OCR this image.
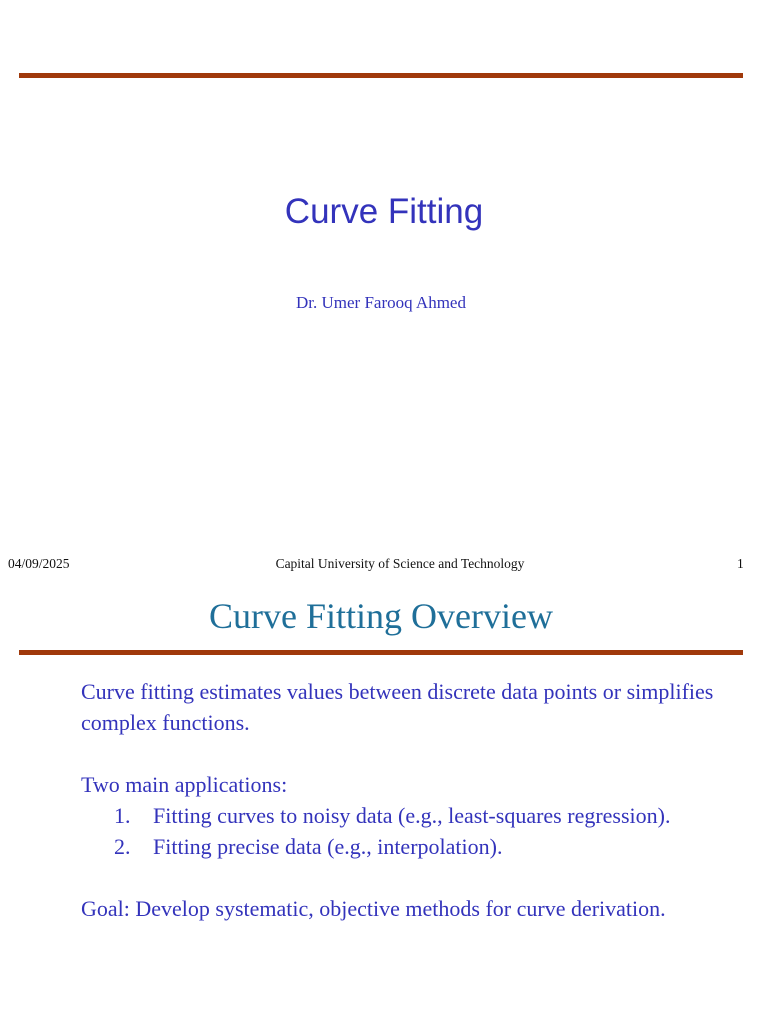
Curve Fitting
Dr. Umer Farooq Ahmed
04/09/2025	Capital University of Science and Technology	1
Curve Fitting Overview

Curve fitting estimates values between discrete data points or simplifies complex functions.

Two main applications:

1. Fitting curves to noisy data (e.g., least-squares regression).
2. Fitting precise data (e.g., interpolation).

Goal: Develop systematic, objective methods for curve derivation.
